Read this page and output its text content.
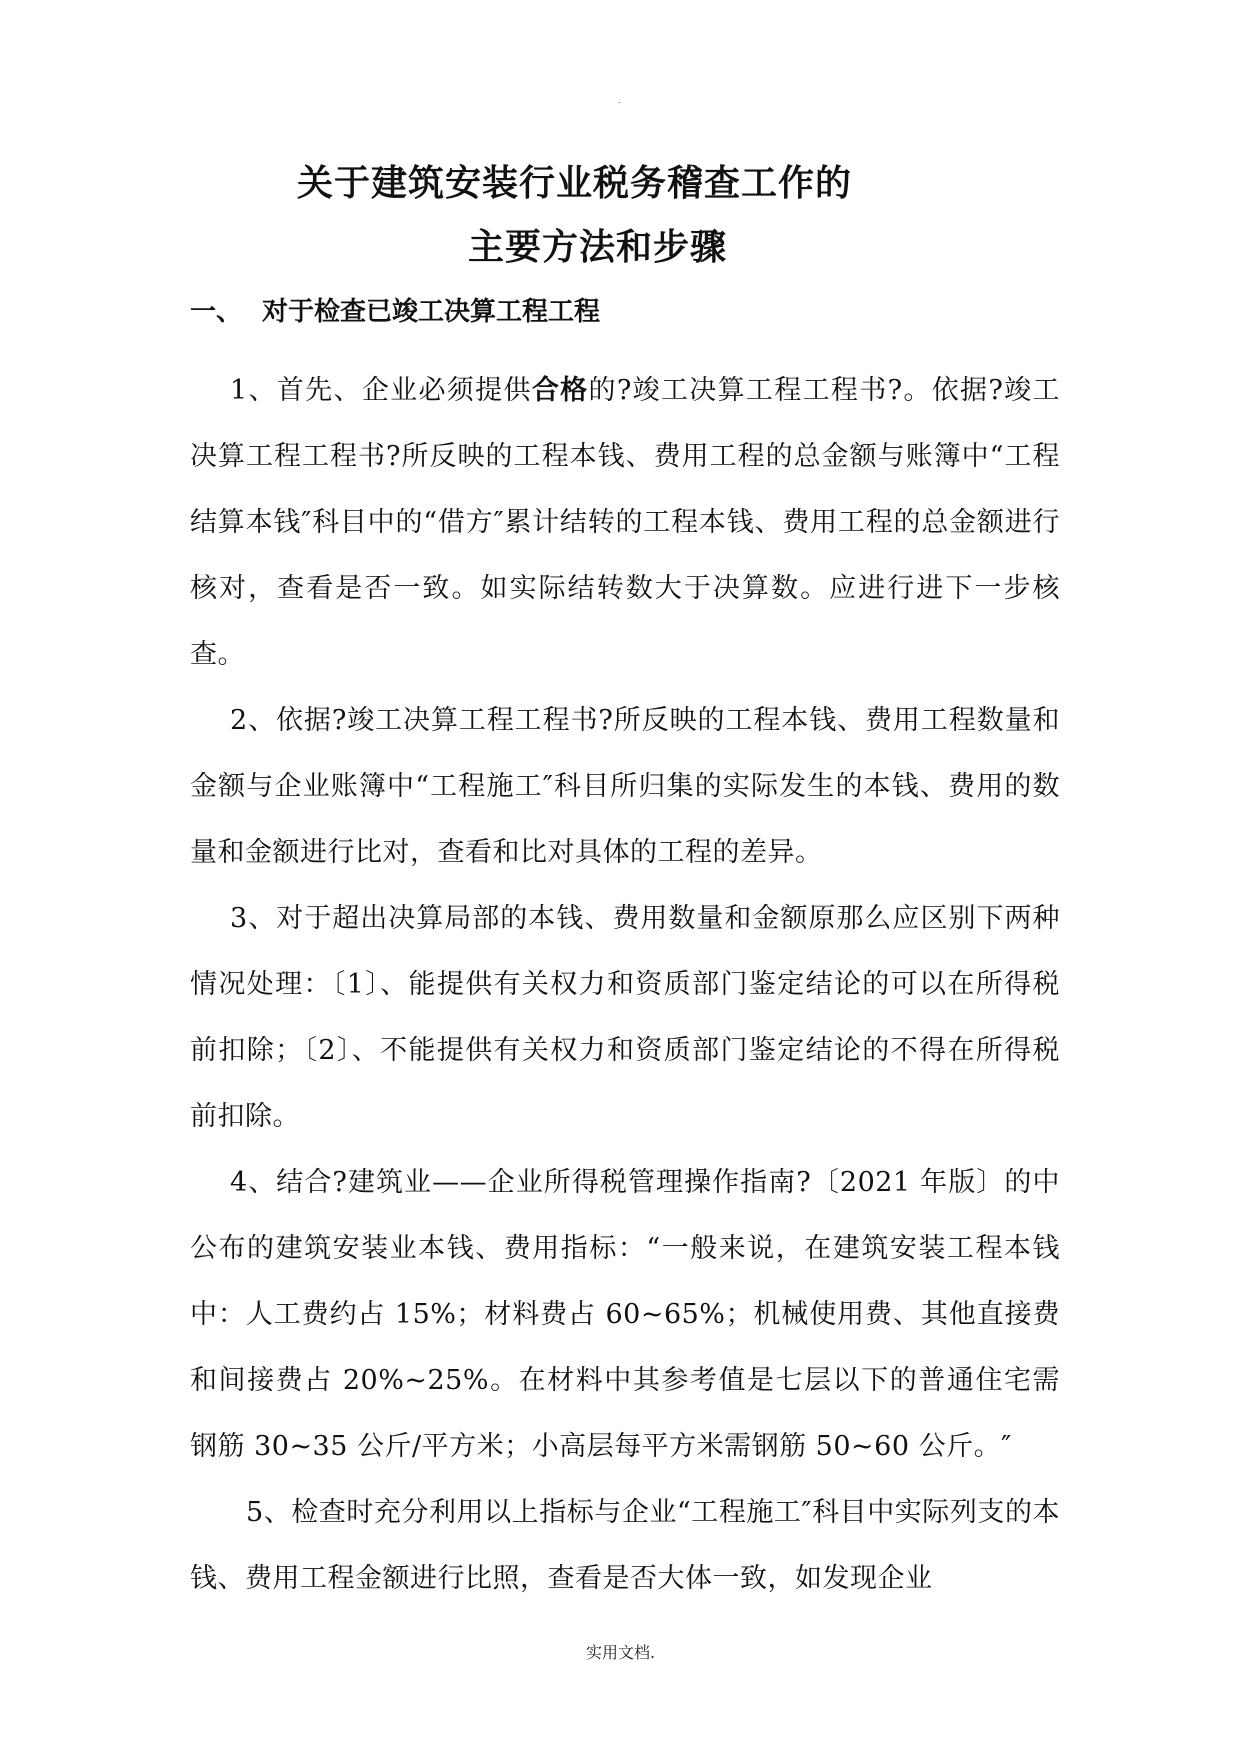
.
关于建筑安装行业税务稽查工作的
主要方法和步骤
一、 对于检查已竣工决算工程工程

1、首先、企业必须提供合格的?竣工决算工程工程书?。依据?竣工决算工程工程书?所反映的工程本钱、费用工程的总金额与账簿中“工程结算本钱″科目中的“借方″累计结转的工程本钱、费用工程的总金额进行核对，查看是否一致。如实际结转数大于决算数。应进行进下一步核查。

2、依据?竣工决算工程工程书?所反映的工程本钱、费用工程数量和金额与企业账簿中“工程施工″科目所归集的实际发生的本钱、费用的数量和金额进行比对，查看和比对具体的工程的差异。

3、对于超出决算局部的本钱、费用数量和金额原那么应区别下两种情况处理：〔1〕、能提供有关权力和资质部门鉴定结论的可以在所得税前扣除；〔2〕、不能提供有关权力和资质部门鉴定结论的不得在所得税前扣除。

4、结合?建筑业——企业所得税管理操作指南?〔2021 年版〕的中公布的建筑安装业本钱、费用指标：“一般来说，在建筑安装工程本钱中：人工费约占 15%；材料费占 60~65%；机械使用费、其他直接费和间接费占 20%~25%。在材料中其参考值是七层以下的普通住宅需钢筋 30~35 公斤/平方米；小高层每平方米需钢筋 50~60 公斤。″

5、检查时充分利用以上指标与企业“工程施工″科目中实际列支的本钱、费用工程金额进行比照，查看是否大体一致，如发现企业

实用文档.
